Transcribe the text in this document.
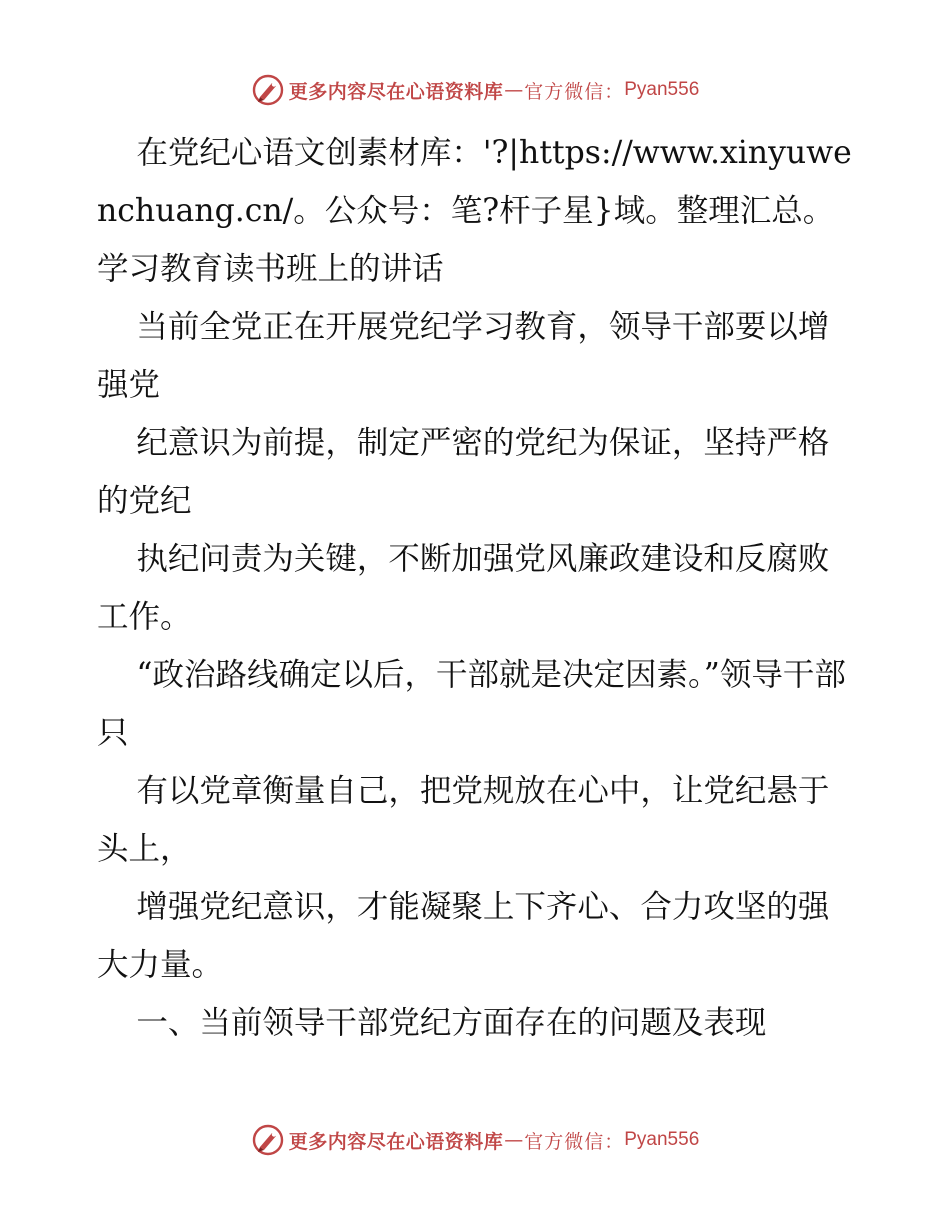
更多内容尽在心语资料库 — 官方微信： Pyan556

在党纪心语文创素材库：'?|https://www.xinyuwenchuang.cn/。公众号：笔?杆子星}域。整理汇总。学习教育读书班上的讲话

当前全党正在开展党纪学习教育，领导干部要以增强党

纪意识为前提，制定严密的党纪为保证，坚持严格的党纪

执纪问责为关键，不断加强党风廉政建设和反腐败工作。

“政治路线确定以后，干部就是决定因素。”领导干部只

有以党章衡量自己，把党规放在心中，让党纪悬于头上，

增强党纪意识，才能凝聚上下齐心、合力攻坚的强大力量。

一、当前领导干部党纪方面存在的问题及表现

更多内容尽在心语资料库 — 官方微信： Pyan556
